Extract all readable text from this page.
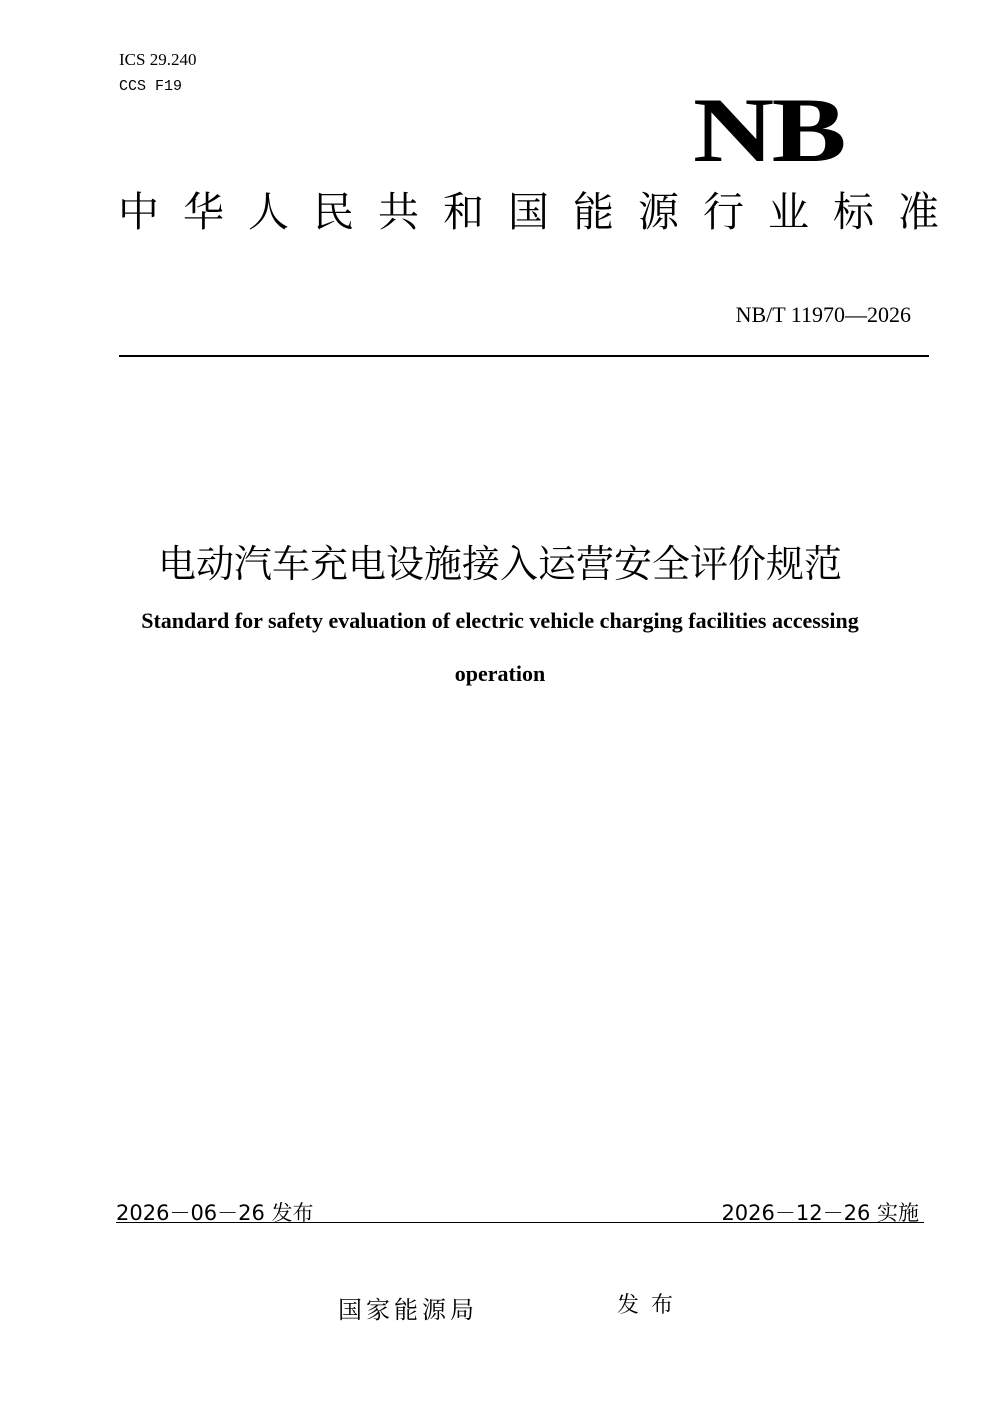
ICS 29.240
CCS F19	NB
中华人民共和国能源行业标准
NB/T 11970—2026
电动汽车充电设施接入运营安全评价规范
Standard for safety evaluation of electric vehicle charging facilities accessing
operation
2026－06－26 发布	2026－12－26 实施
国家能源局	发布
